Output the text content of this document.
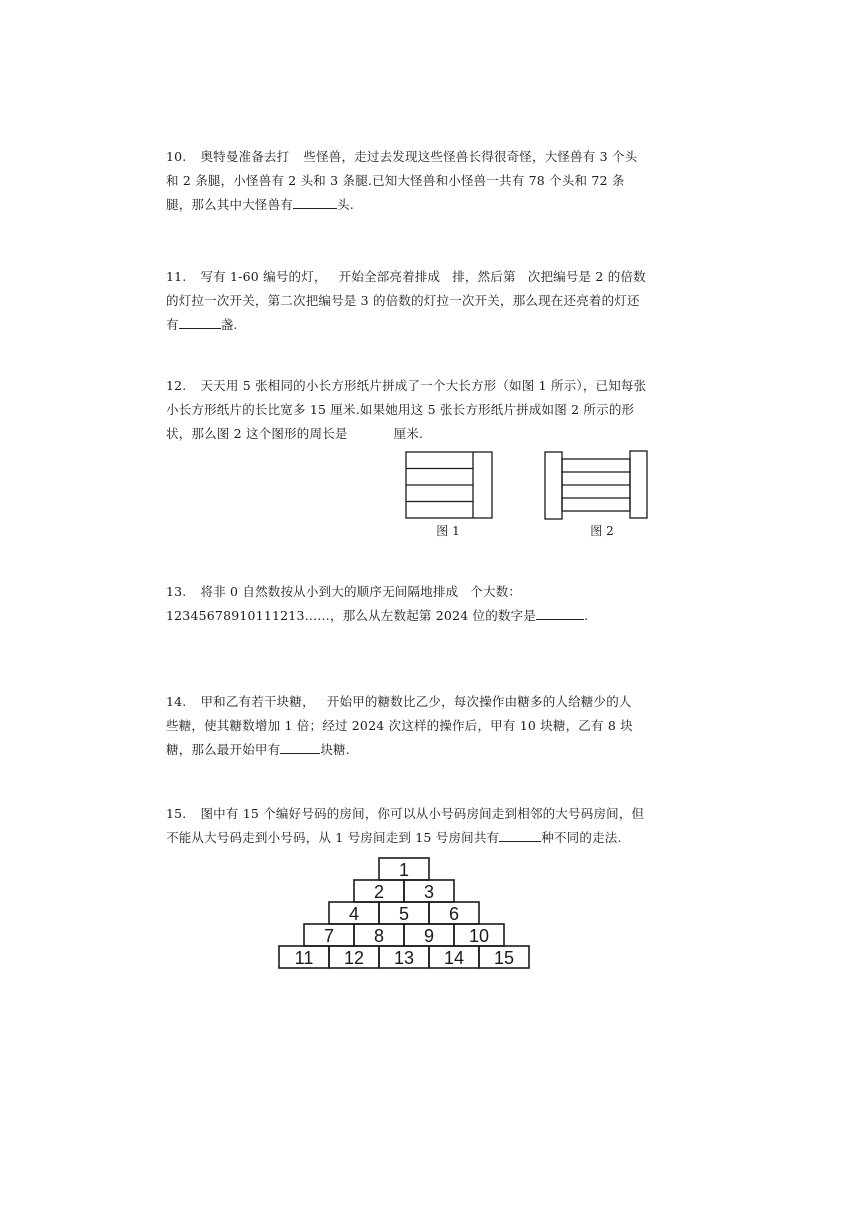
10. 奥特曼准备去打 些怪兽，走过去发现这些怪兽长得很奇怪，大怪兽有 3 个头和 2 条腿，小怪兽有 2 头和 3 条腿.已知大怪兽和小怪兽一共有 78 个头和 72 条腿，那么其中大怪兽有	头.

11. 写有 1-60 编号的灯， 开始全部亮着排成 排，然后第 次把编号是 2 的倍数的灯拉一次开关，第二次把编号是 3 的倍数的灯拉一次开关，那么现在还亮着的灯还有	盏.

12. 天天用 5 张相同的小长方形纸片拼成了一个大长方形（如图 1 所示），已知每张小长方形纸片的长比宽多 15 厘米.如果她用这 5 张长方形纸片拼成如图 2 所示的形状，那么图 2 这个图形的周长是	厘米.

图 1	图 2

13. 将非 0 自然数按从小到大的顺序无间隔地排成 个大数：12345678910111213……，那么从左数起第 2024 位的数字是	.

14. 甲和乙有若干块糖， 开始甲的糖数比乙少，每次操作由糖多的人给糖少的人些糖，使其糖数增加 1 倍；经过 2024 次这样的操作后，甲有 10 块糖，乙有 8 块糖，那么最开始甲有	块糖.

15. 图中有 15 个编好号码的房间，你可以从小号码房间走到相邻的大号码房间，但不能从大号码走到小号码，从 1 号房间走到 15 号房间共有	种不同的走法.

1
2 3
4 5 6
7 8 9 10
11 12 13 14 15
